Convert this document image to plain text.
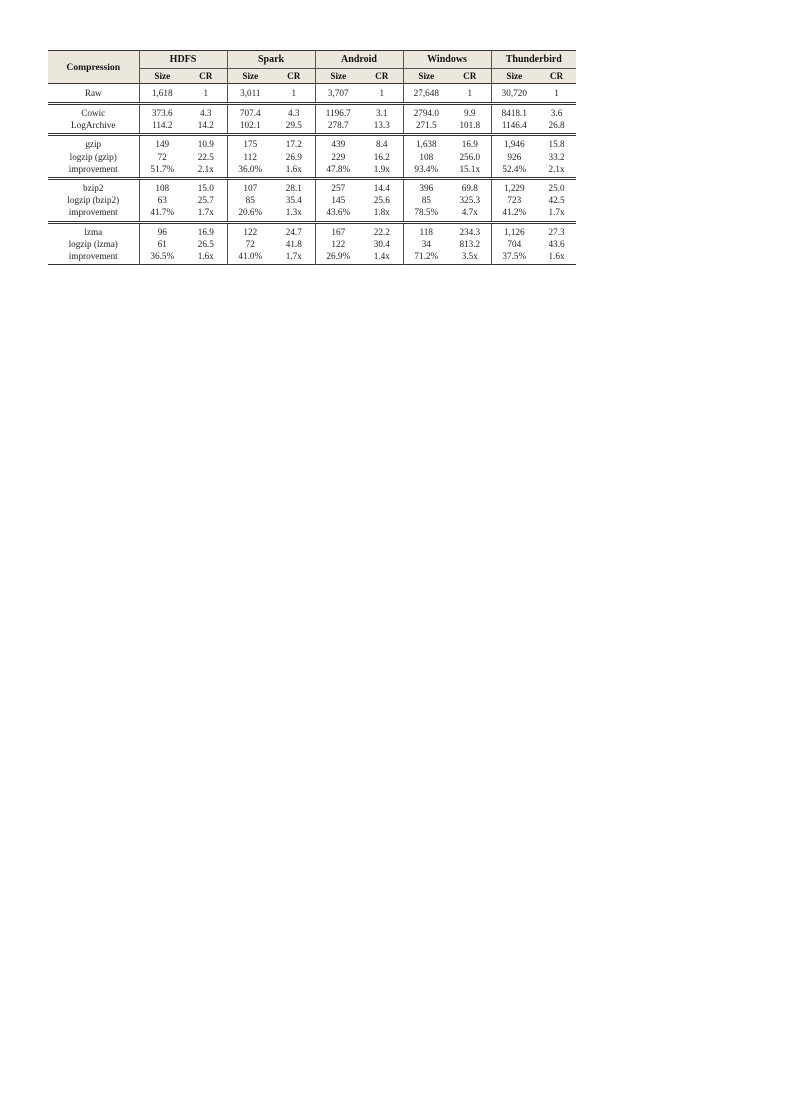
Compression	HDFS		Spark		Android		Windows		Thunderbird	
	Size	CR	Size	CR	Size	CR	Size	CR	Size	CR
Raw	1,618	1	3,011	1	3,707	1	27,648	1	30,720	1
Cowic	373.6	4.3	707.4	4.3	1196.7	3.1	2794.0	9.9	8418.1	3.6
LogArchive	114.2	14.2	102.1	29.5	278.7	13.3	271.5	101.8	1146.4	26.8
gzip	149	10.9	175	17.2	439	8.4	1,638	16.9	1,946	15.8
logzip (gzip)	72	22.5	112	26.9	229	16.2	108	256.0	926	33.2
improvement	51.7%	2.1x	36.0%	1.6x	47.8%	1.9x	93.4%	15.1x	52.4%	2.1x
bzip2	108	15.0	107	28.1	257	14.4	396	69.8	1,229	25.0
logzip (bzip2)	63	25.7	85	35.4	145	25.6	85	325.3	723	42.5
improvement	41.7%	1.7x	20.6%	1.3x	43.6%	1.8x	78.5%	4.7x	41.2%	1.7x
lzma	96	16.9	122	24.7	167	22.2	118	234.3	1,126	27.3
logzip (lzma)	61	26.5	72	41.8	122	30.4	34	813.2	704	43.6
improvement	36.5%	1.6x	41.0%	1.7x	26.9%	1.4x	71.2%	3.5x	37.5%	1.6x
